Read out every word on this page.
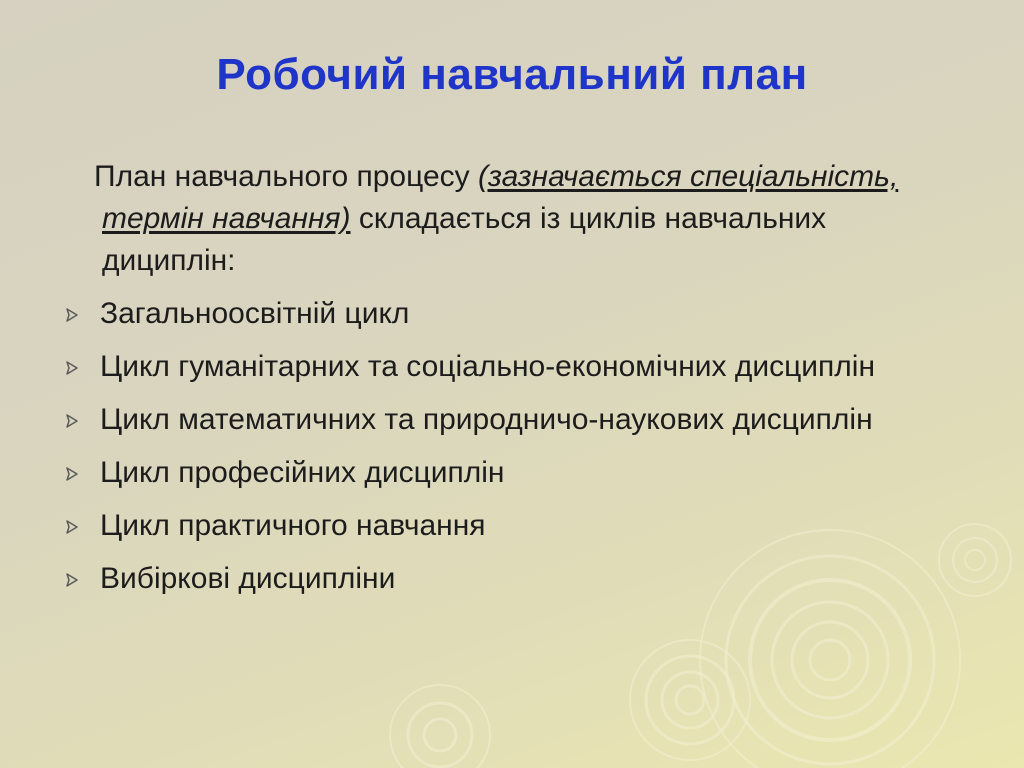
Робочий навчальний план
План навчального процесу (зазначається спеціальність, термін навчання) складається із циклів навчальних дициплін:
Загальноосвітній цикл
Цикл гуманітарних та соціально-економічних дисциплін
Цикл математичних та природничо-наукових дисциплін
Цикл професійних дисциплін
Цикл практичного навчання
Вибіркові дисципліни
